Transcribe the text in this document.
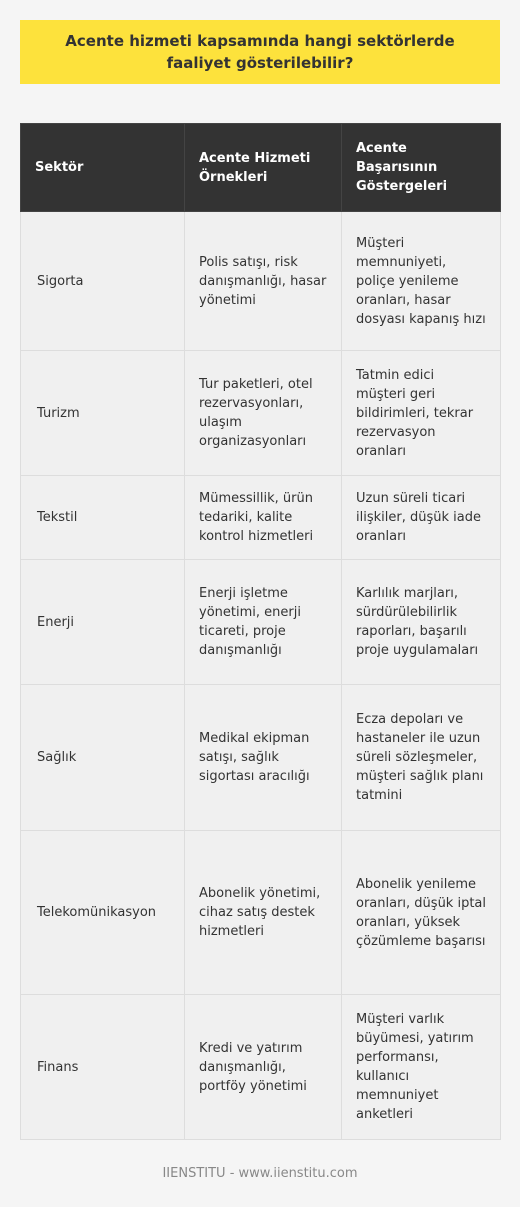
Acente hizmeti kapsamında hangi sektörlerde faaliyet gösterilebilir?
Sektör	Acente Hizmeti Örnekleri	Acente Başarısının Göstergeleri
Sigorta	Polis satışı, risk danışmanlığı, hasar yönetimi	Müşteri memnuniyeti, poliçe yenileme oranları, hasar dosyası kapanış hızı
Turizm	Tur paketleri, otel rezervasyonları, ulaşım organizasyonları	Tatmin edici müşteri geri bildirimleri, tekrar rezervasyon oranları
Tekstil	Mümessillik, ürün tedariki, kalite kontrol hizmetleri	Uzun süreli ticari ilişkiler, düşük iade oranları
Enerji	Enerji işletme yönetimi, enerji ticareti, proje danışmanlığı	Karlılık marjları, sürdürülebilirlik raporları, başarılı proje uygulamaları
Sağlık	Medikal ekipman satışı, sağlık sigortası aracılığı	Ecza depoları ve hastaneler ile uzun süreli sözleşmeler, müşteri sağlık planı tatmini
Telekomünikasyon	Abonelik yönetimi, cihaz satış destek hizmetleri	Abonelik yenileme oranları, düşük iptal oranları, yüksek çözümleme başarısı
Finans	Kredi ve yatırım danışmanlığı, portföy yönetimi	Müşteri varlık büyümesi, yatırım performansı, kullanıcı memnuniyet anketleri
IIENSTITU - www.iienstitu.com
